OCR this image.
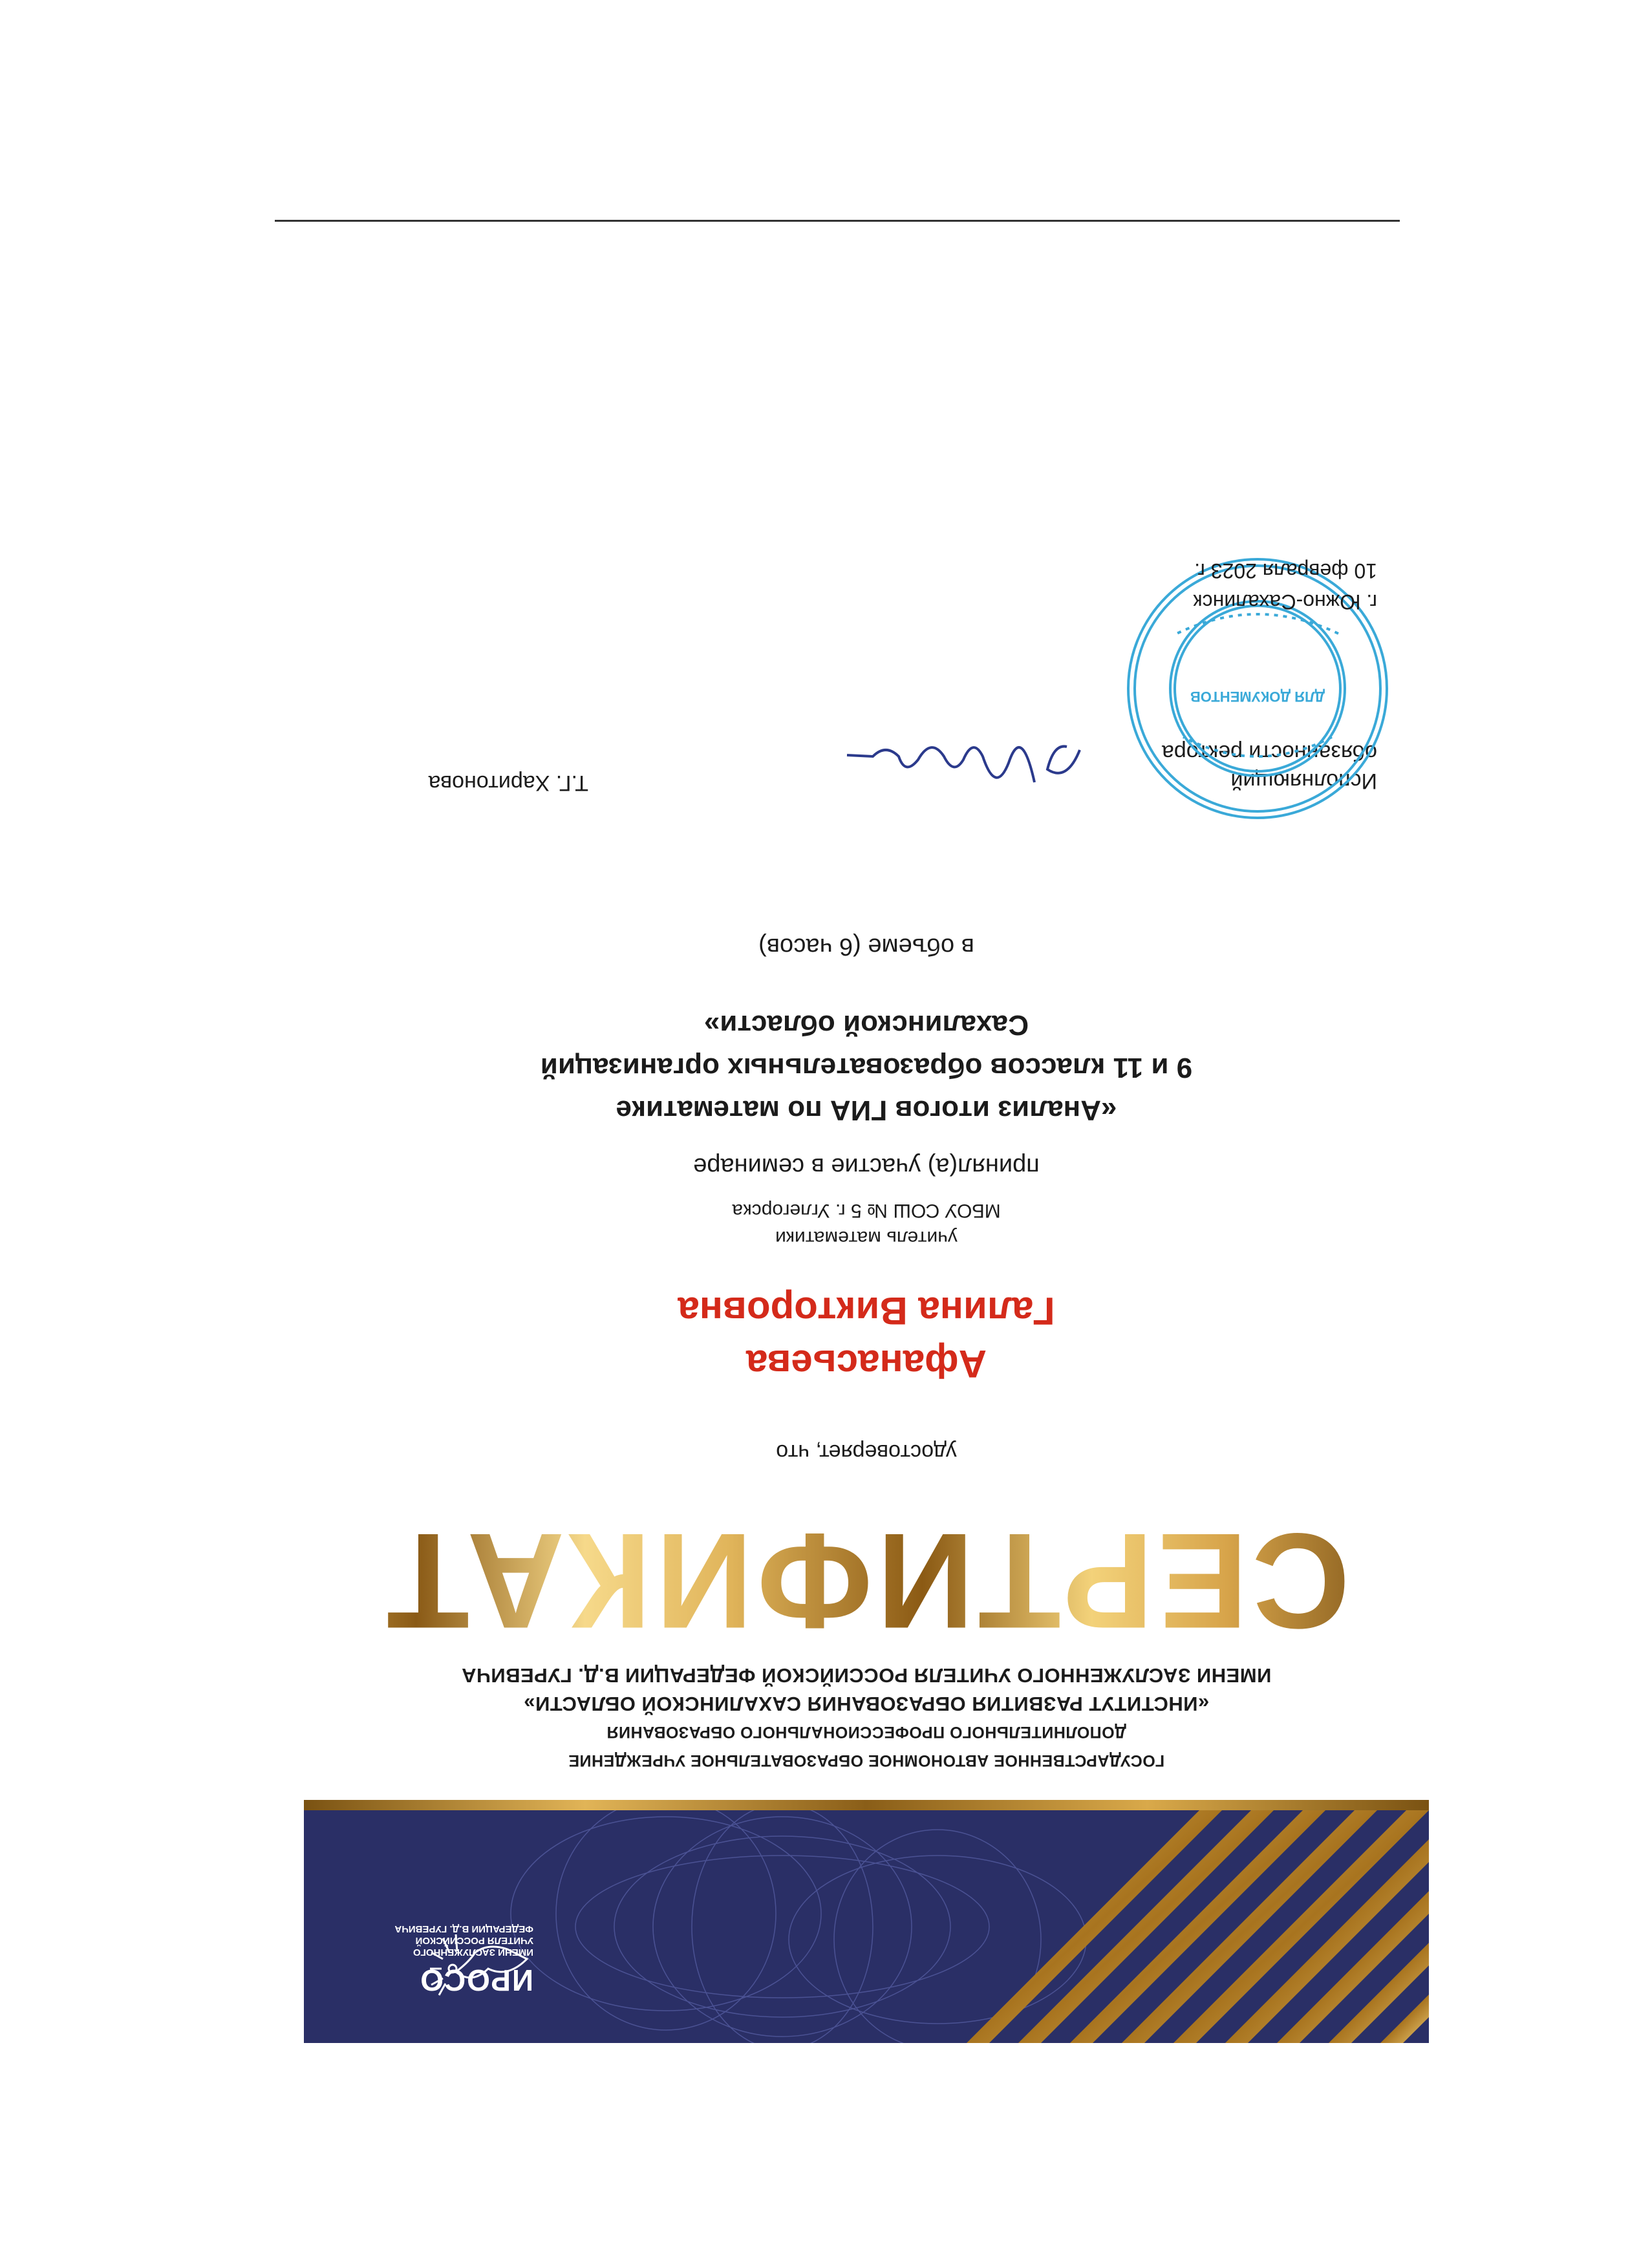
ИРОСО
ИМЕНИ ЗАСЛУЖЕННОГО УЧИТЕЛЯ РОССИЙСКОЙ ФЕДЕРАЦИИ В.Д. ГУРЕВИЧА
ГОСУДАРСТВЕННОЕ АВТОНОМНОЕ ОБРАЗОВАТЕЛЬНОЕ УЧРЕЖДЕНИЕ
ДОПОЛНИТЕЛЬНОГО ПРОФЕССИОНАЛЬНОГО ОБРАЗОВАНИЯ
«ИНСТИТУТ РАЗВИТИЯ ОБРАЗОВАНИЯ САХАЛИНСКОЙ ОБЛАСТИ»
ИМЕНИ ЗАСЛУЖЕННОГО УЧИТЕЛЯ РОССИЙСКОЙ ФЕДЕРАЦИИ В.Д. ГУРЕВИЧА
СЕРТИФИКАТ
удостоверяет, что
Афанасьева
Галина Викторовна
учитель математики
МБОУ СОШ № 5 г. Углегорска
принял(а) участие в семинаре
«Анализ итогов ГИА по математике
9 и 11 классов образовательных организаций
Сахалинской области»
в объеме (6 часов)
Исполняющий
обязанности ректора
Т.Г. Харитонова
ДЛЯ ДОКУМЕНТОВ
г. Южно-Сахалинск
10 февраля 2023 г.
